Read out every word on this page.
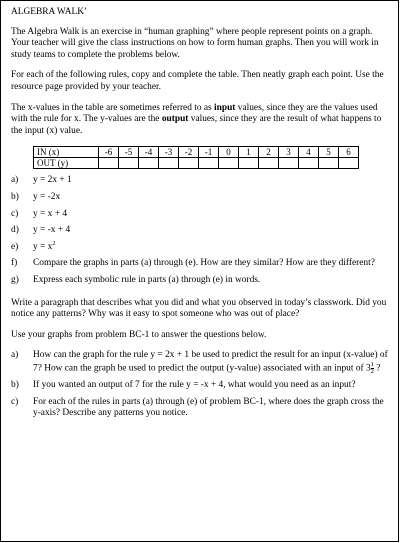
ALGEBRA WALK’

The Algebra Walk is an exercise in “human graphing” where people represent points on a graph. Your teacher will give the class instructions on how to form human graphs. Then you will work in study teams to complete the problems below.

For each of the following rules, copy and complete the table. Then neatly graph each point. Use the resource page provided by your teacher.

The x-values in the table are sometimes referred to as input values, since they are the values used with the rule for x. The y-values are the output values, since they are the result of what happens to the input (x) value.

IN (x)	-6	-5	-4	-3	-2	-1	0	1	2	3	4	5	6
OUT (y)													
a)	y = 2x + 1
b)	y = -2x
c)	y = x + 4
d)	y = -x + 4
e)	$y = x^2$
f)	Compare the graphs in parts (a) through (e). How are they similar? How are they different?
g)	Express each symbolic rule in parts (a) through (e) in words.

Write a paragraph that describes what you did and what you observed in today’s classwork. Did you notice any patterns? Why was it easy to spot someone who was out of place?

Use your graphs from problem BC-1 to answer the questions below.

a)	How can the graph for the rule y = 2x + 1 be used to predict the result for an input (x-value) of 7? How can the graph be used to predict the output (y-value) associated with an input of $3 \frac{1}{2}$ ?
b)	If you wanted an output of 7 for the rule y = -x + 4, what would you need as an input?
c)	For each of the rules in parts (a) through (e) of problem BC-1, where does the graph cross the y-axis? Describe any patterns you notice.
